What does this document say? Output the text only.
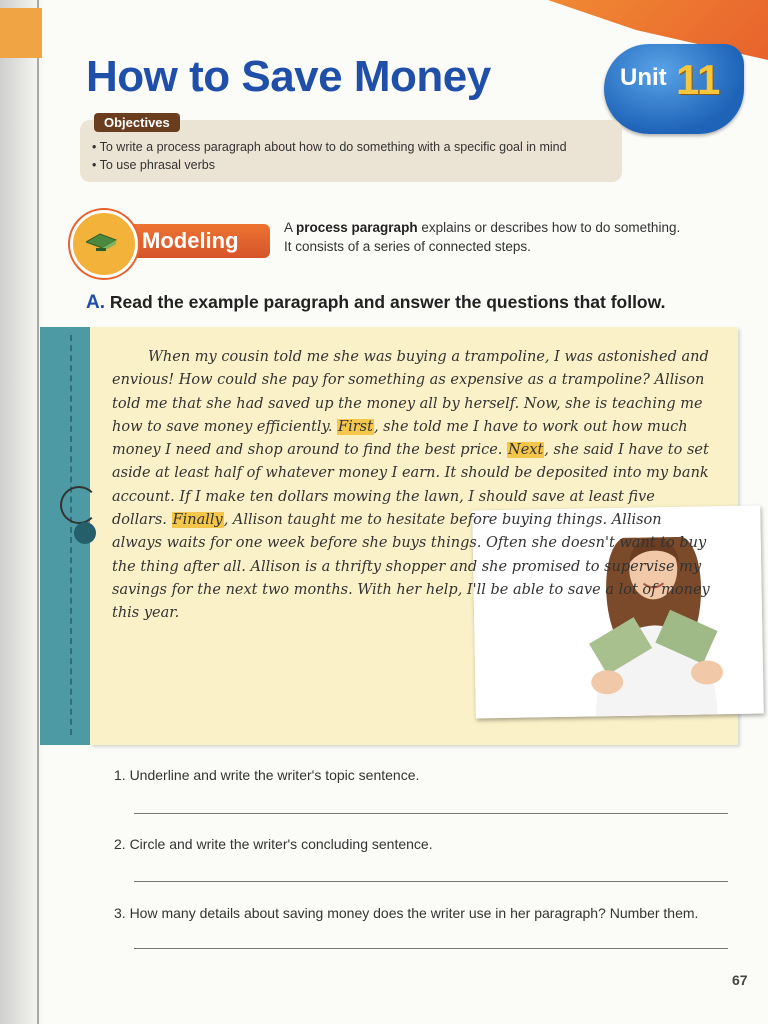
Unit 11
How to Save Money
Objectives
• To write a process paragraph about how to do something with a specific goal in mind
• To use phrasal verbs
Modeling
A process paragraph explains or describes how to do something.
It consists of a series of connected steps.
A. Read the example paragraph and answer the questions that follow.

When my cousin told me she was buying a trampoline, I was astonished and envious! How could she pay for something as expensive as a trampoline? Allison told me that she had saved up the money all by herself. Now, she is teaching me how to save money efficiently. First, she told me I have to work out how much money I need and shop around to find the best price. Next, she said I have to set aside at least half of whatever money I earn. It should be deposited into my bank account. If I make ten dollars mowing the lawn, I should save at least five dollars. Finally, Allison taught me to hesitate before buying things. Allison always waits for one week before she buys things. Often she doesn't want to buy the thing after all. Allison is a thrifty shopper and she promised to supervise my savings for the next two months. With her help, I'll be able to save a lot of money this year.

1. Underline and write the writer's topic sentence.
2. Circle and write the writer's concluding sentence.
3. How many details about saving money does the writer use in her paragraph? Number them.
67
